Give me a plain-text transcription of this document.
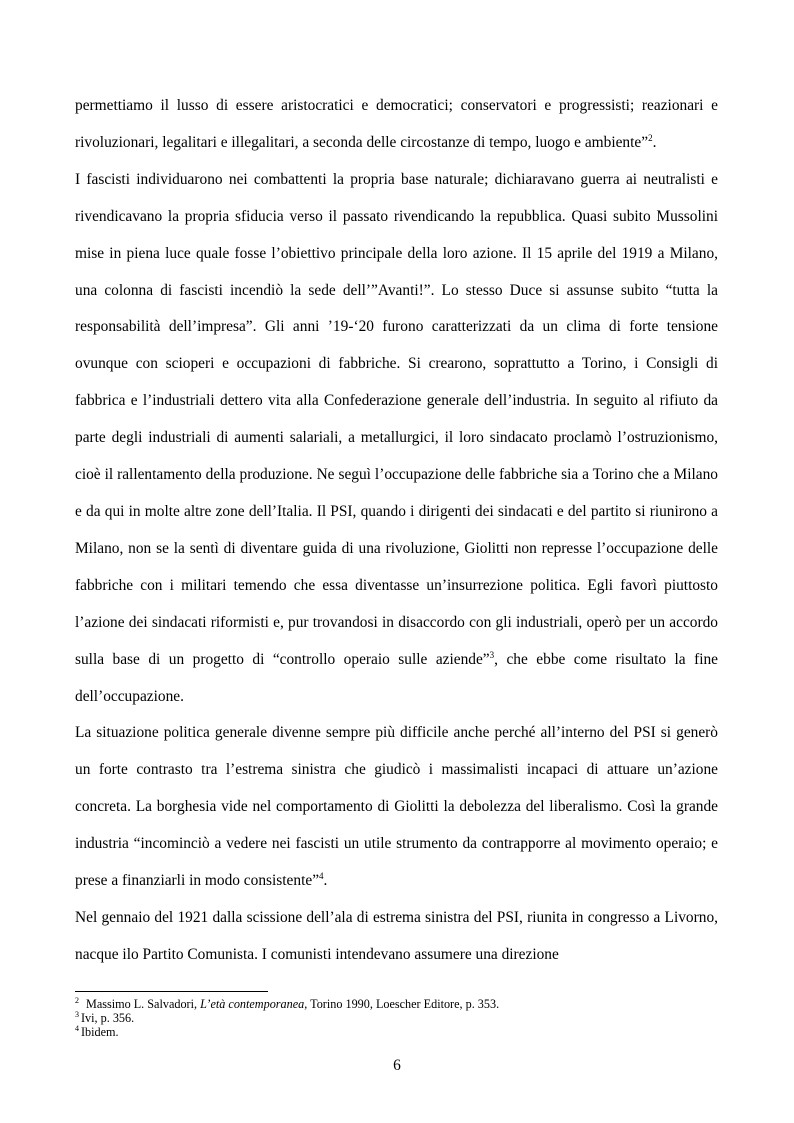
permettiamo il lusso di essere aristocratici e democratici; conservatori e progressisti; reazionari e rivoluzionari, legalitari e illegalitari, a seconda delle circostanze di tempo, luogo e ambiente”$^2$.

I fascisti individuarono nei combattenti la propria base naturale; dichiaravano guerra ai neutralisti e rivendicavano la propria sfiducia verso il passato rivendicando la repubblica. Quasi subito Mussolini mise in piena luce quale fosse l’obiettivo principale della loro azione. Il 15 aprile del 1919 a Milano, una colonna di fascisti incendiò la sede dell’”Avanti!”. Lo stesso Duce si assunse subito “tutta la responsabilità dell’impresa”. Gli anni ’19-‘20 furono caratterizzati da un clima di forte tensione ovunque con scioperi e occupazioni di fabbriche. Si crearono, soprattutto a Torino, i Consigli di fabbrica e l’industriali dettero vita alla Confederazione generale dell’industria. In seguito al rifiuto da parte degli industriali di aumenti salariali, a metallurgici, il loro sindacato proclamò l’ostruzionismo, cioè il rallentamento della produzione. Ne seguì l’occupazione delle fabbriche sia a Torino che a Milano e da qui in molte altre zone dell’Italia. Il PSI, quando i dirigenti dei sindacati e del partito si riunirono a Milano, non se la sentì di diventare guida di una rivoluzione, Giolitti non represse l’occupazione delle fabbriche con i militari temendo che essa diventasse un’insurrezione politica. Egli favorì piuttosto l’azione dei sindacati riformisti e, pur trovandosi in disaccordo con gli industriali, operò per un accordo sulla base di un progetto di “controllo operaio sulle aziende”$^3$, che ebbe come risultato la fine dell’occupazione.

La situazione politica generale divenne sempre più difficile anche perché all’interno del PSI si generò un forte contrasto tra l’estrema sinistra che giudicò i massimalisti incapaci di attuare un’azione concreta. La borghesia vide nel comportamento di Giolitti la debolezza del liberalismo. Così la grande industria “incominciò a vedere nei fascisti un utile strumento da contrapporre al movimento operaio; e prese a finanziarli in modo consistente”$^4$.

Nel gennaio del 1921 dalla scissione dell’ala di estrema sinistra del PSI, riunita in congresso a Livorno, nacque ilo Partito Comunista. I comunisti intendevano assumere una direzione

$^2$ Massimo L. Salvadori, L’età contemporanea, Torino 1990, Loescher Editore, p. 353.

$^3$ Ivi, p. 356.

$^4$ Ibidem.

6
